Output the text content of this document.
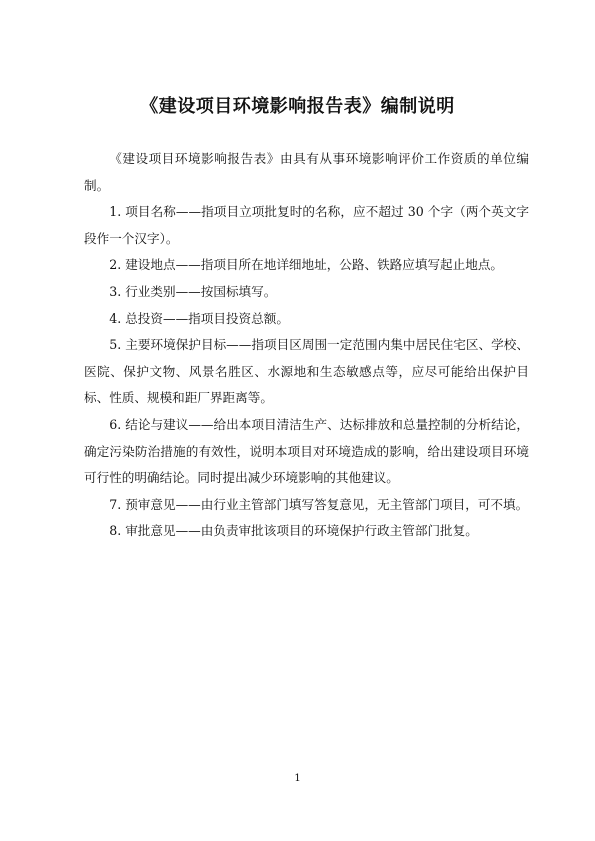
《建设项目环境影响报告表》编制说明

《建设项目环境影响报告表》由具有从事环境影响评价工作资质的单位编制。

1. 项目名称——指项目立项批复时的名称，应不超过 30 个字（两个英文字段作一个汉字）。

2. 建设地点——指项目所在地详细地址，公路、铁路应填写起止地点。

3. 行业类别——按国标填写。

4. 总投资——指项目投资总额。

5. 主要环境保护目标——指项目区周围一定范围内集中居民住宅区、学校、医院、保护文物、风景名胜区、水源地和生态敏感点等，应尽可能给出保护目标、性质、规模和距厂界距离等。

6. 结论与建议——给出本项目清洁生产、达标排放和总量控制的分析结论，确定污染防治措施的有效性，说明本项目对环境造成的影响，给出建设项目环境可行性的明确结论。同时提出减少环境影响的其他建议。

7. 预审意见——由行业主管部门填写答复意见，无主管部门项目，可不填。

8. 审批意见——由负责审批该项目的环境保护行政主管部门批复。

1
